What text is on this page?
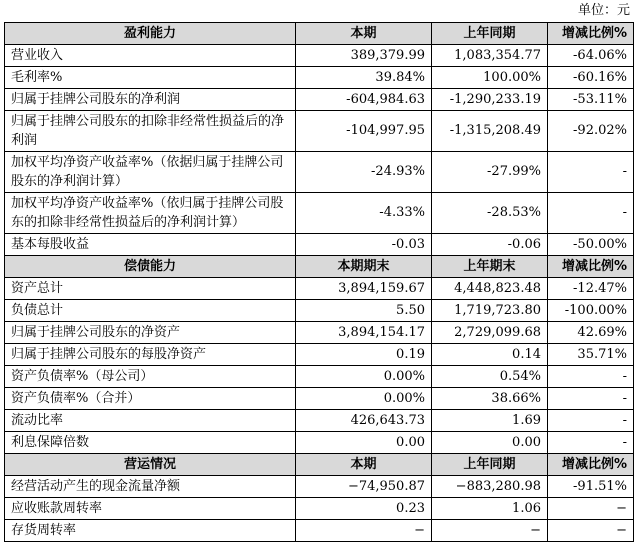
单位：元
盈利能力	本期	上年同期	增减比例%
营业收入	389,379.99	1,083,354.77	-64.06%
毛利率%	39.84%	100.00%	-60.16%
归属于挂牌公司股东的净利润	-604,984.63	-1,290,233.19	-53.11%
归属于挂牌公司股东的扣除非经常性损益后的净利润	-104,997.95	-1,315,208.49	-92.02%
加权平均净资产收益率%（依据归属于挂牌公司股东的净利润计算）	-24.93%	-27.99%	-
加权平均净资产收益率%（依归属于挂牌公司股东的扣除非经常性损益后的净利润计算）	-4.33%	-28.53%	-
基本每股收益	-0.03	-0.06	-50.00%
偿债能力	本期期末	上年期末	增减比例%
资产总计	3,894,159.67	4,448,823.48	-12.47%
负债总计	5.50	1,719,723.80	-100.00%
归属于挂牌公司股东的净资产	3,894,154.17	2,729,099.68	42.69%
归属于挂牌公司股东的每股净资产	0.19	0.14	35.71%
资产负债率%（母公司）	0.00%	0.54%	-
资产负债率%（合并）	0.00%	38.66%	-
流动比率	426,643.73	1.69	-
利息保障倍数	0.00	0.00	-
营运情况	本期	上年同期	增减比例%
经营活动产生的现金流量净额	−74,950.87	−883,280.98	-91.51%
应收账款周转率	0.23	1.06	−
存货周转率	−	−	−
